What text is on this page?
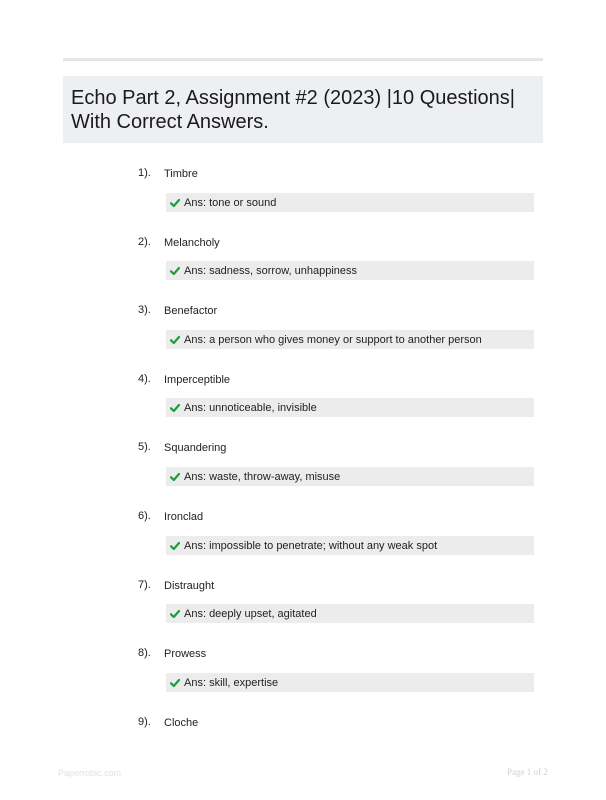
Echo Part 2, Assignment #2 (2023) |10 Questions| With Correct Answers.
1). Timbre
Ans: tone or sound
2). Melancholy
Ans: sadness, sorrow, unhappiness
3). Benefactor
Ans: a person who gives money or support to another person
4). Imperceptible
Ans: unnoticeable, invisible
5). Squandering
Ans: waste, throw-away, misuse
6). Ironclad
Ans: impossible to penetrate; without any weak spot
7). Distraught
Ans: deeply upset, agitated
8). Prowess
Ans: skill, expertise
9). Cloche
Paperrobic.com	Page 1 of 2
